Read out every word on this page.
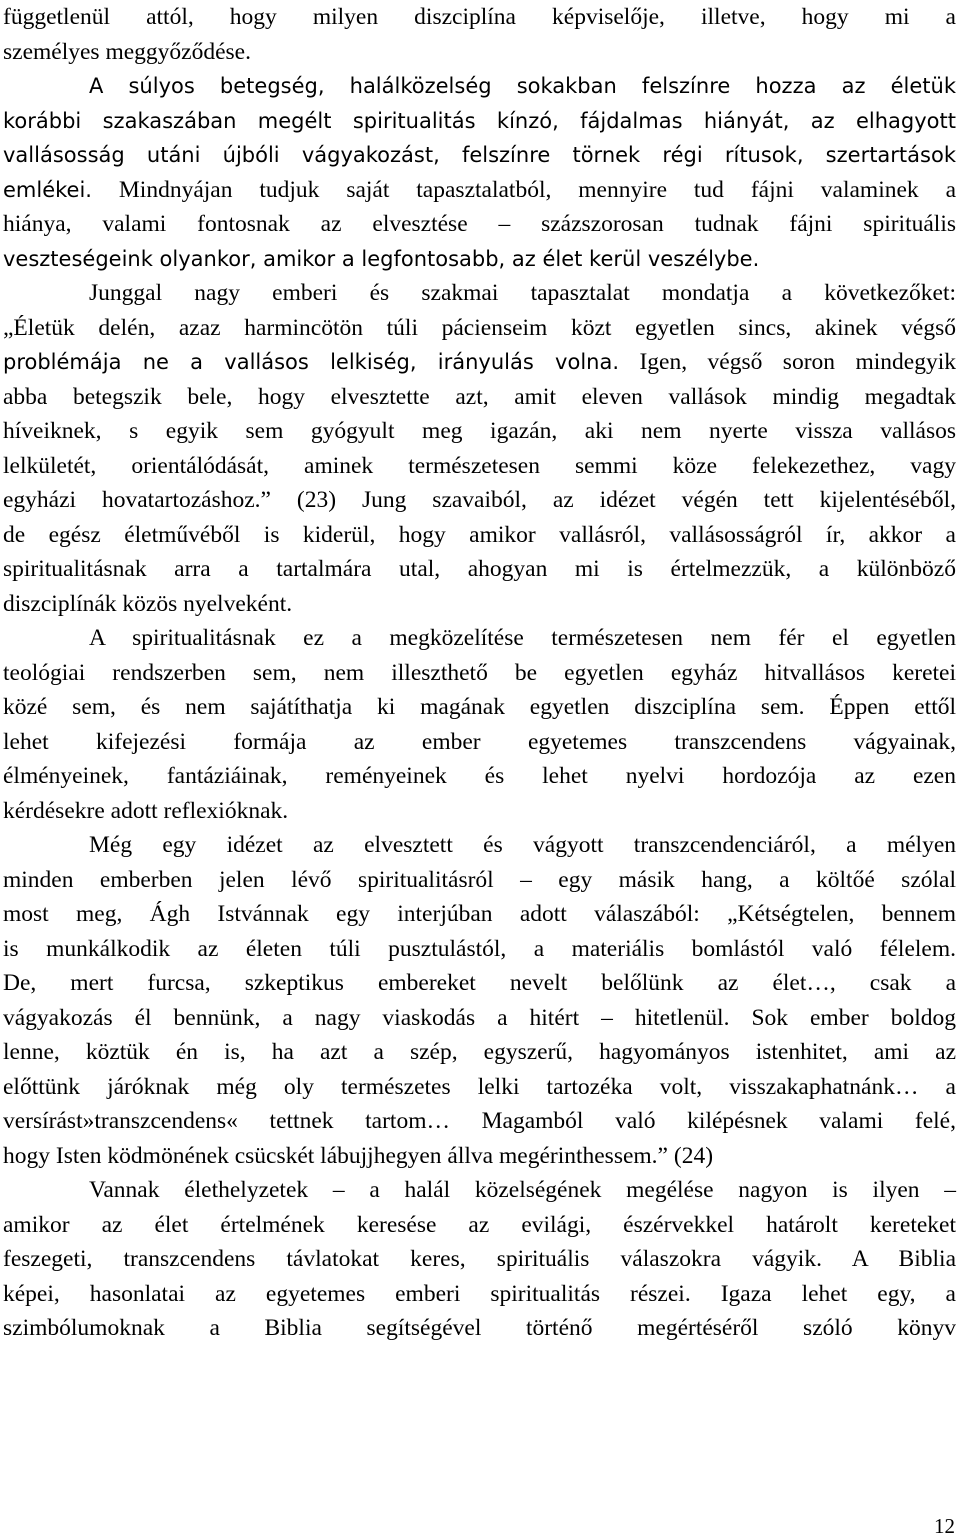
függetlenül attól, hogy milyen diszciplína képviselője, illetve, hogy mi a
személyes meggyőződése.
A súlyos betegség, halálközelség sokakban felszínre hozza az életük
korábbi szakaszában megélt spiritualitás kínzó, fájdalmas hiányát, az elhagyott
vallásosság utáni újbóli vágyakozást, felszínre törnek régi rítusok, szertartások
emlékei. Mindnyájan tudjuk saját tapasztalatból, mennyire tud fájni valaminek a
hiánya, valami fontosnak az elvesztése – százszorosan tudnak fájni spirituális
veszteségeink olyankor, amikor a legfontosabb, az élet kerül veszélybe.
Junggal nagy emberi és szakmai tapasztalat mondatja a következőket:
„Életük delén, azaz harmincötön túli pácienseim közt egyetlen sincs, akinek végső
problémája ne a vallásos lelkiség, irányulás volna. Igen, végső soron mindegyik
abba betegszik bele, hogy elvesztette azt, amit eleven vallások mindig megadtak
híveiknek, s egyik sem gyógyult meg igazán, aki nem nyerte vissza vallásos
lelkületét, orientálódását, aminek természetesen semmi köze felekezethez, vagy
egyházi hovatartozáshoz.” (23) Jung szavaiból, az idézet végén tett kijelentéséből,
de egész életművéből is kiderül, hogy amikor vallásról, vallásosságról ír, akkor a
spiritualitásnak arra a tartalmára utal, ahogyan mi is értelmezzük, a különböző
diszciplínák közös nyelveként.
A spiritualitásnak ez a megközelítése természetesen nem fér el egyetlen
teológiai rendszerben sem, nem illeszthető be egyetlen egyház hitvallásos keretei
közé sem, és nem sajátíthatja ki magának egyetlen diszciplína sem. Éppen ettől
lehet kifejezési formája az ember egyetemes transzcendens vágyainak,
élményeinek, fantáziáinak, reményeinek és lehet nyelvi hordozója az ezen
kérdésekre adott reflexióknak.
Még egy idézet az elvesztett és vágyott transzcendenciáról, a mélyen
minden emberben jelen lévő spiritualitásról – egy másik hang, a költőé szólal
most meg, Ágh Istvánnak egy interjúban adott válaszából: „Kétségtelen, bennem
is munkálkodik az életen túli pusztulástól, a materiális bomlástól való félelem.
De, mert furcsa, szkeptikus embereket nevelt belőlünk az élet…, csak a
vágyakozás él bennünk, a nagy viaskodás a hitért – hitetlenül. Sok ember boldog
lenne, köztük én is, ha azt a szép, egyszerű, hagyományos istenhitet, ami az
előttünk járóknak még oly természetes lelki tartozéka volt, visszakaphatnánk… a
versírást»transzcendens« tettnek tartom… Magamból való kilépésnek valami felé,
hogy Isten ködmönének csücskét lábujjhegyen állva megérinthessem.” (24)
Vannak élethelyzetek – a halál közelségének megélése nagyon is ilyen –
amikor az élet értelmének keresése az evilági, észérvekkel határolt kereteket
feszegeti, transzcendens távlatokat keres, spirituális válaszokra vágyik. A Biblia
képei, hasonlatai az egyetemes emberi spiritualitás részei. Igaza lehet egy, a
szimbólumoknak a Biblia segítségével történő megértéséről szóló könyv
12
